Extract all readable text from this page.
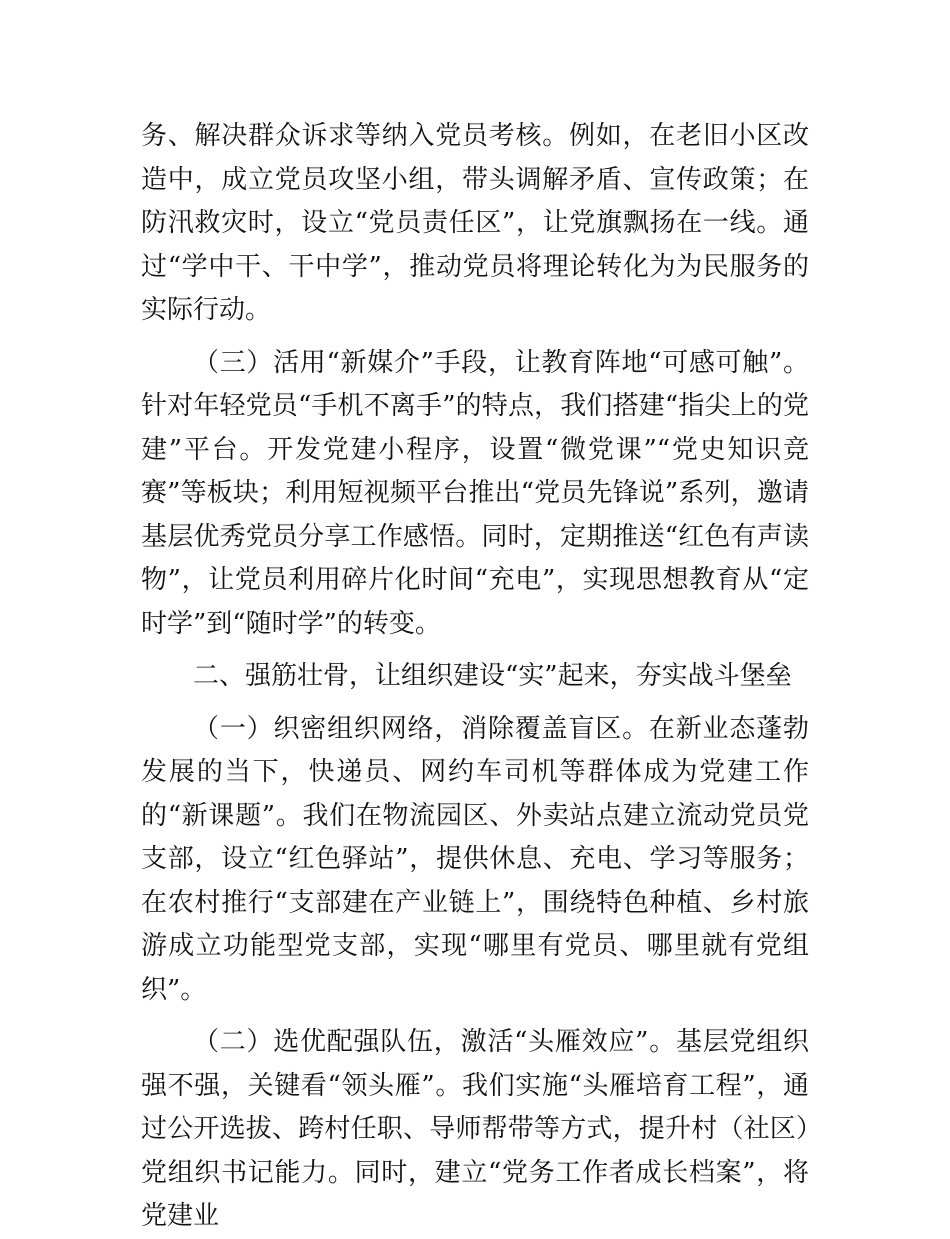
务、解决群众诉求等纳入党员考核。例如，在老旧小区改造中，成立党员攻坚小组，带头调解矛盾、宣传政策；在防汛救灾时，设立“党员责任区”，让党旗飘扬在一线。通过“学中干、干中学”，推动党员将理论转化为为民服务的实际行动。

（三）活用“新媒介”手段，让教育阵地“可感可触”。针对年轻党员“手机不离手”的特点，我们搭建“指尖上的党建”平台。开发党建小程序，设置“微党课”“党史知识竞赛”等板块；利用短视频平台推出“党员先锋说”系列，邀请基层优秀党员分享工作感悟。同时，定期推送“红色有声读物”，让党员利用碎片化时间“充电”，实现思想教育从“定时学”到“随时学”的转变。

二、强筋壮骨，让组织建设“实”起来，夯实战斗堡垒

（一）织密组织网络，消除覆盖盲区。在新业态蓬勃发展的当下，快递员、网约车司机等群体成为党建工作的“新课题”。我们在物流园区、外卖站点建立流动党员党支部，设立“红色驿站”，提供休息、充电、学习等服务；在农村推行“支部建在产业链上”，围绕特色种植、乡村旅游成立功能型党支部，实现“哪里有党员、哪里就有党组织”。

（二）选优配强队伍，激活“头雁效应”。基层党组织强不强，关键看“领头雁”。我们实施“头雁培育工程”，通过公开选拔、跨村任职、导师帮带等方式，提升村（社区）党组织书记能力。同时，建立“党务工作者成长档案”，将党建业
